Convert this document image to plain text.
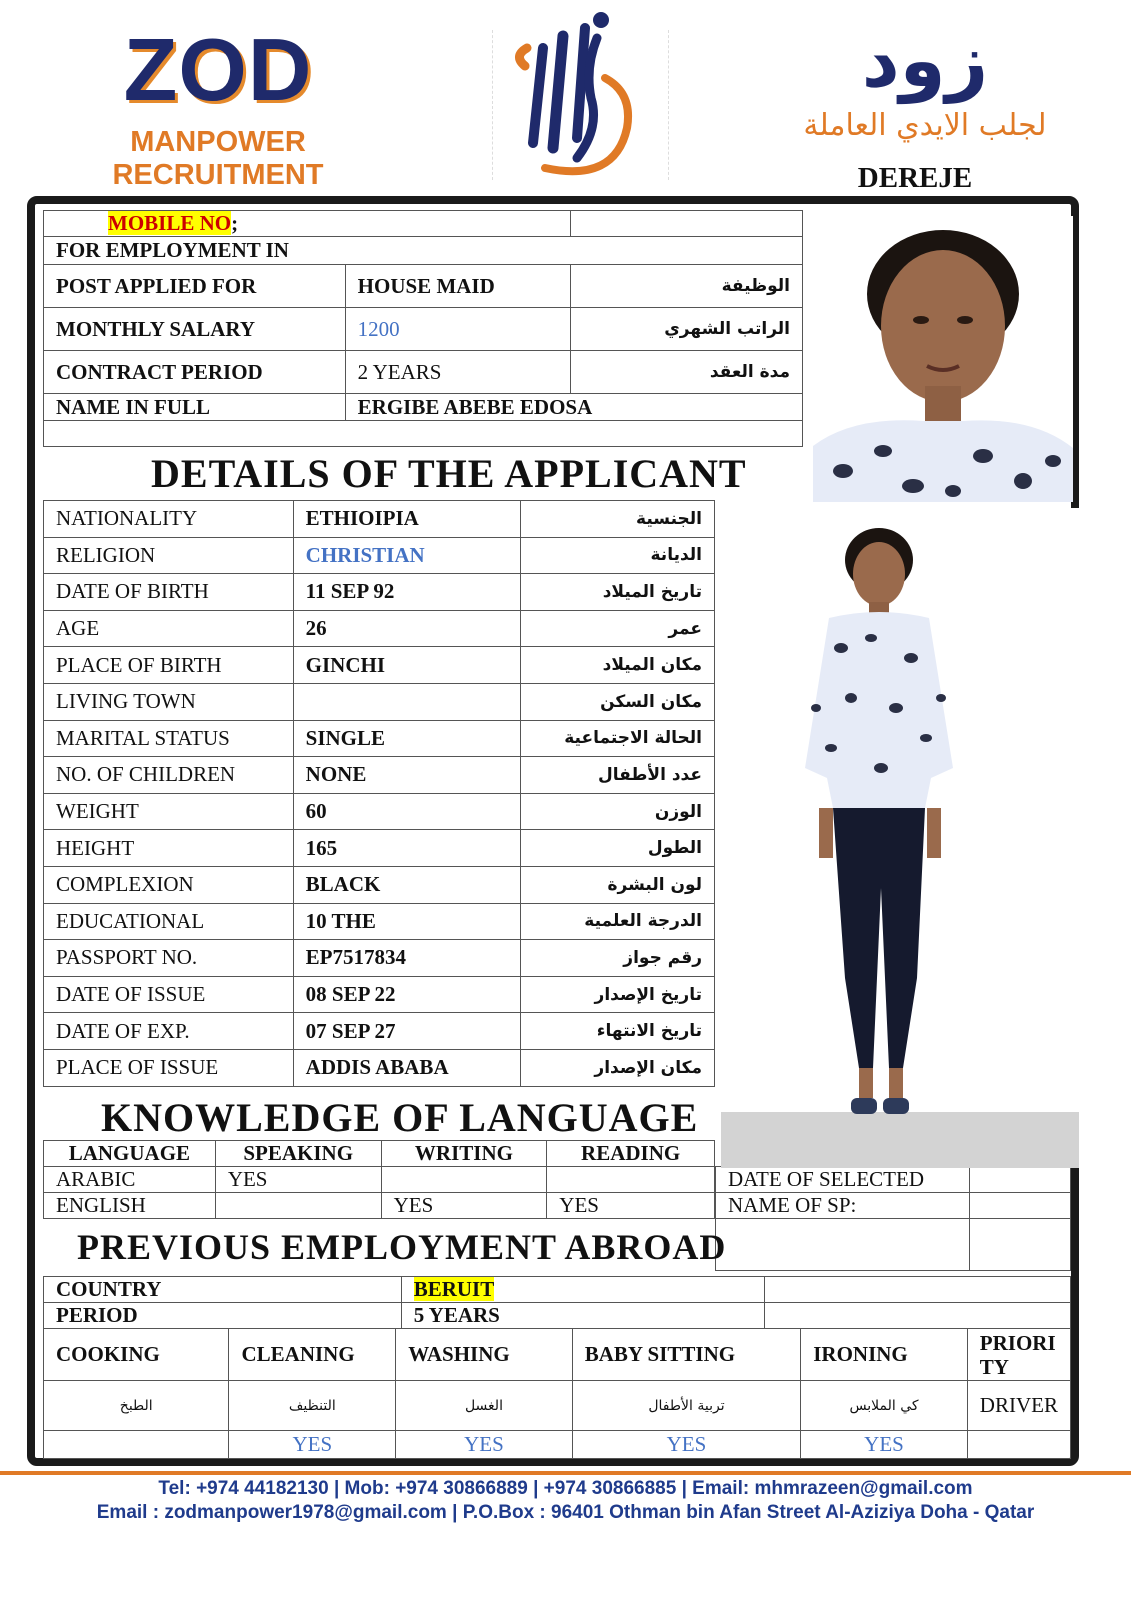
ZOD
MANPOWER RECRUITMENT
زود
لجلب الايدي العاملة
DEREJE
MOBILE NO;		
FOR EMPLOYMENT IN		
POST APPLIED FOR	HOUSE MAID	الوظيفة
MONTHLY SALARY	1200	الراتب الشهري
CONTRACT PERIOD	2 YEARS	مدة العقد
NAME IN FULL	ERGIBE ABEBE EDOSA	

DETAILS OF THE APPLICANT
NATIONALITY	ETHIOIPIA	الجنسية
RELIGION	CHRISTIAN	الديانة
DATE OF BIRTH	11 SEP 92	تاريخ الميلاد
AGE	26	عمر
PLACE OF BIRTH	GINCHI	مكان الميلاد
LIVING TOWN		مكان السكن
MARITAL STATUS	SINGLE	الحالة الاجتماعية
NO. OF CHILDREN	NONE	عدد الأطفال
WEIGHT	60	الوزن
HEIGHT	165	الطول
COMPLEXION	BLACK	لون البشرة
EDUCATIONAL	10 THE	الدرجة العلمية
PASSPORT NO.	EP7517834	رقم جواز
DATE OF ISSUE	08 SEP 22	تاريخ الإصدار
DATE OF EXP.	07 SEP 27	تاريخ الانتهاء
PLACE OF ISSUE	ADDIS ABABA	مكان الإصدار
KNOWLEDGE OF LANGUAGE
LANGUAGE	SPEAKING	WRITING	READING
ARABIC	YES		
ENGLISH		YES	YES
DATE OF SELECTED	
NAME OF SP:	

PREVIOUS EMPLOYMENT ABROAD
COUNTRY	BERUIT	
PERIOD	5 YEARS	
COOKING	CLEANING	WASHING	BABY SITTING	IRONING	PRIORI
TY
الطبخ	التنظيف	الغسل	تربية الأطفال	كي الملابس	DRIVER
	YES	YES	YES	YES	
Tel: +974 44182130 | Mob: +974 30866889 | +974 30866885 | Email: mhmrazeen@gmail.com
Email : zodmanpower1978@gmail.com | P.O.Box : 96401 Othman bin Afan Street Al-Aziziya Doha - Qatar
